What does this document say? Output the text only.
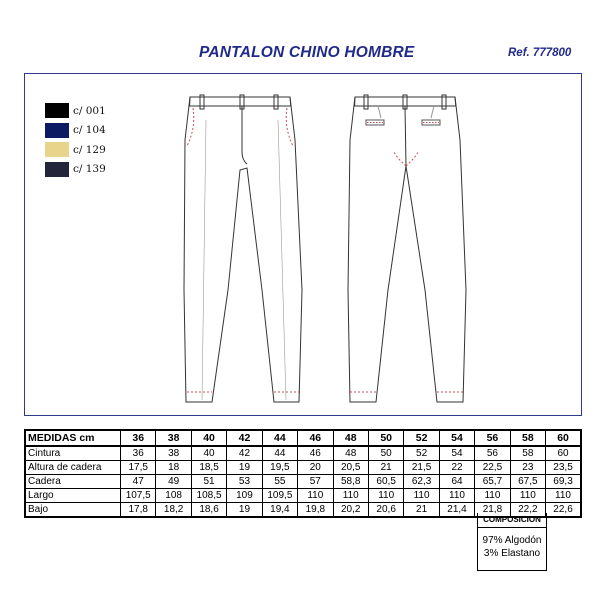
PANTALON CHINO HOMBRE	Ref. 777800
c/ 001
c/ 104
c/ 129
c/ 139
MEDIDAS cm	36	38	40	42	44	46	48	50	52	54	56	58	60
Cintura	36	38	40	42	44	46	48	50	52	54	56	58	60
Altura de cadera	17,5	18	18,5	19	19,5	20	20,5	21	21,5	22	22,5	23	23,5
Cadera	47	49	51	53	55	57	58,8	60,5	62,3	64	65,7	67,5	69,3
Largo	107,5	108	108,5	109	109,5	110	110	110	110	110	110	110	110
Bajo	17,8	18,2	18,6	19	19,4	19,8	20,2	20,6	21	21,4	21,8	22,2	22,6
COMPOSICION
97% Algodón
3% Elastano
